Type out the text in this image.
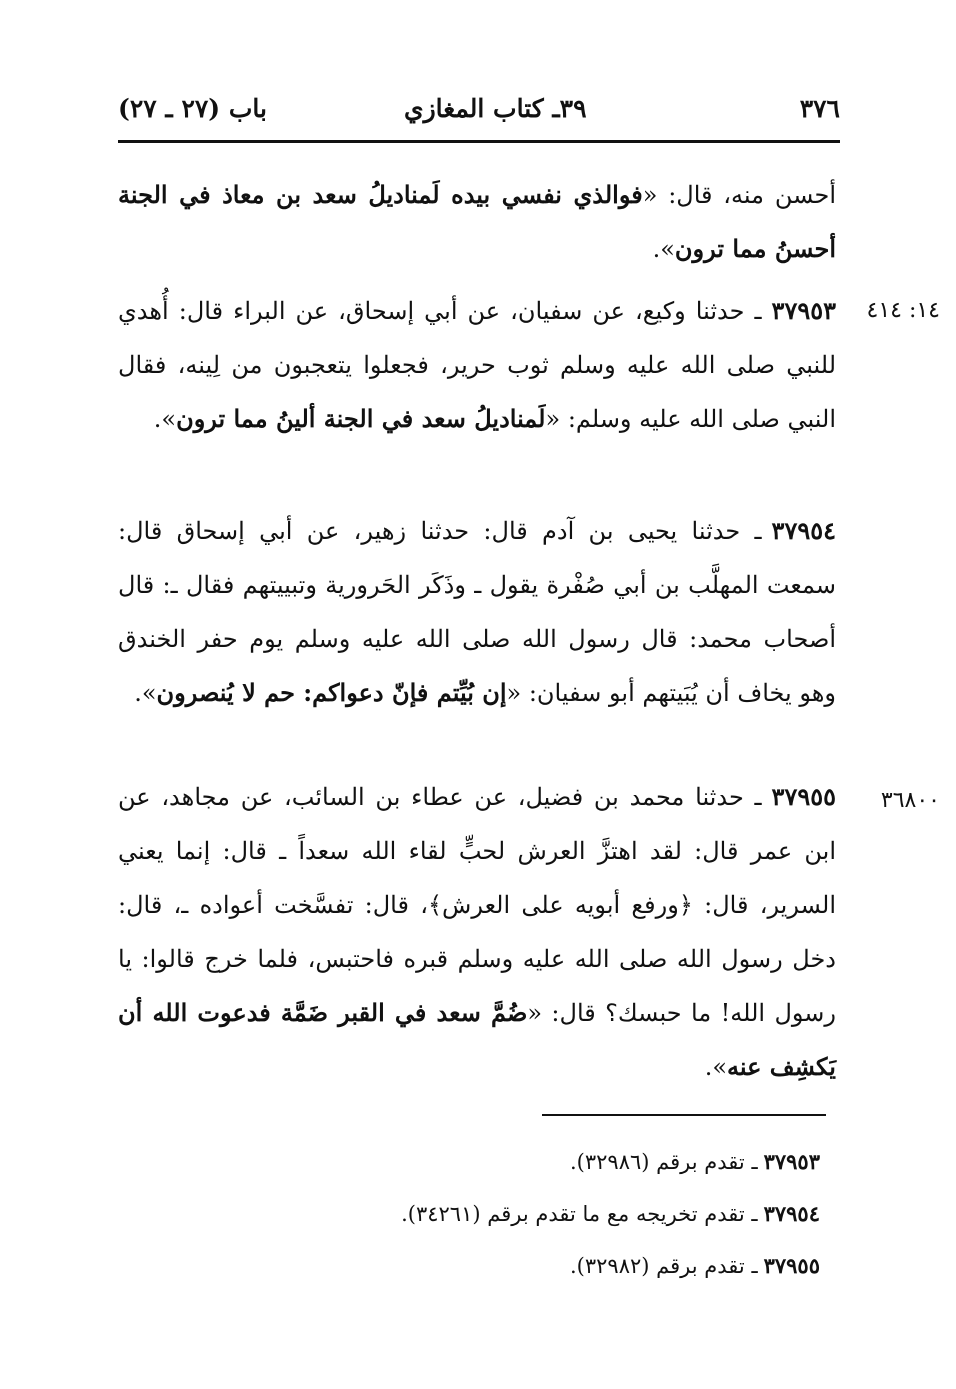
٣٧٦
٣٩ـ كتاب المغازي
باب (٢٧ ـ ٢٧)

أحسن منه، قال: «فوالذي نفسي بيده لَمناديلُ سعد بن معاذ في الجنة أحسنُ مما ترون».

١٤: ٤١٤

٣٧٩٥٣ـ حدثنا وكيع، عن سفيان، عن أبي إسحاق، عن البراء قال: أُهدي للنبي صلى الله عليه وسلم ثوب حرير، فجعلوا يتعجبون من لِينه، فقال النبي صلى الله عليه وسلم: «لَمناديلُ سعد في الجنة ألينُ مما ترون».

٣٧٩٥٤ـ حدثنا يحيى بن آدم قال: حدثنا زهير، عن أبي إسحاق قال: سمعت المهلَّب بن أبي صُفْرة يقول ـ وذَكَر الحَرورية وتبييتهم فقال ـ: قال أصحاب محمد: قال رسول الله صلى الله عليه وسلم يوم حفر الخندق وهو يخاف أن يُبَيتهم أبو سفيان: «إن بُيِّتم فإنّ دعواكم: حم لا يُنصرون».

٣٦٨٠٠

٣٧٩٥٥ـ حدثنا محمد بن فضيل، عن عطاء بن السائب، عن مجاهد، عن ابن عمر قال: لقد اهتزَّ العرش لحبٍّ لقاء الله سعداً ـ قال: إنما يعني السرير، قال: ﴿ورفع أبويه على العرش﴾، قال: تفسَّخت أعواده ـ، قال: دخل رسول الله صلى الله عليه وسلم قبره فاحتبس، فلما خرج قالوا: يا رسول الله! ما حبسك؟ قال: «ضُمَّ سعد في القبر ضَمَّة فدعوت الله أن يَكشِف عنه».

٣٧٩٥٣ـ تقدم برقم (٣٢٩٨٦).
٣٧٩٥٤ـ تقدم تخريجه مع ما تقدم برقم (٣٤٢٦١).
٣٧٩٥٥ـ تقدم برقم (٣٢٩٨٢).
